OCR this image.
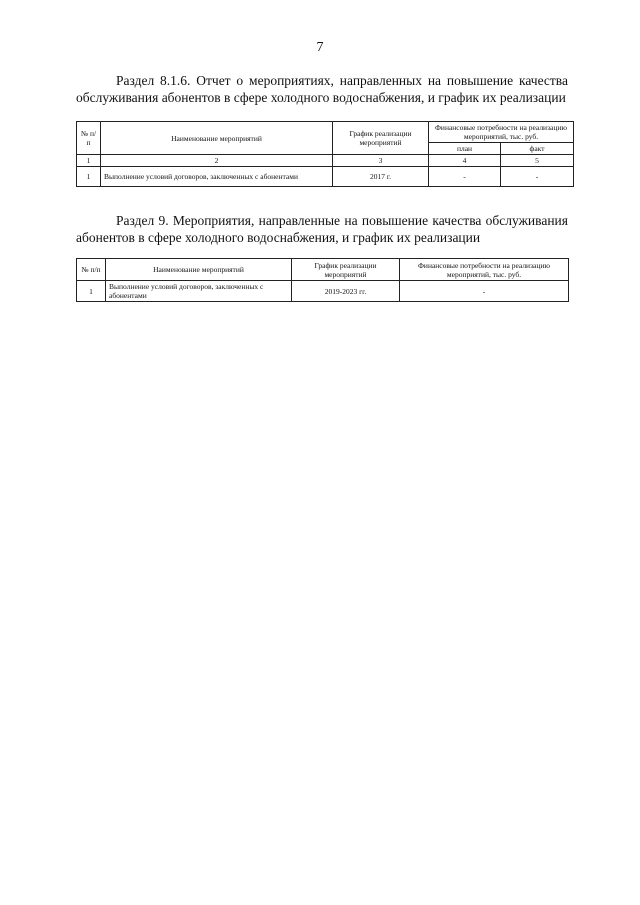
7
Раздел 8.1.6. Отчет о мероприятиях, направленных на повышение качества обслуживания абонентов в сфере холодного водоснабжения, и график их реализации
№ п/п	Наименование мероприятий	График реализации мероприятий	Финансовые потребности на реализацию мероприятий, тыс. руб.	
			план	факт
1	2	3	4	5
1	Выполнение условий договоров, заключенных с абонентами	2017 г.	-	-
Раздел 9. Мероприятия, направленные на повышение качества обслуживания абонентов в сфере холодного водоснабжения, и график их реализации
№ п/п	Наименование мероприятий	График реализации мероприятий	Финансовые потребности на реализацию мероприятий, тыс. руб.
1	Выполнение условий договоров, заключенных с абонентами	2019-2023 гг.	-
